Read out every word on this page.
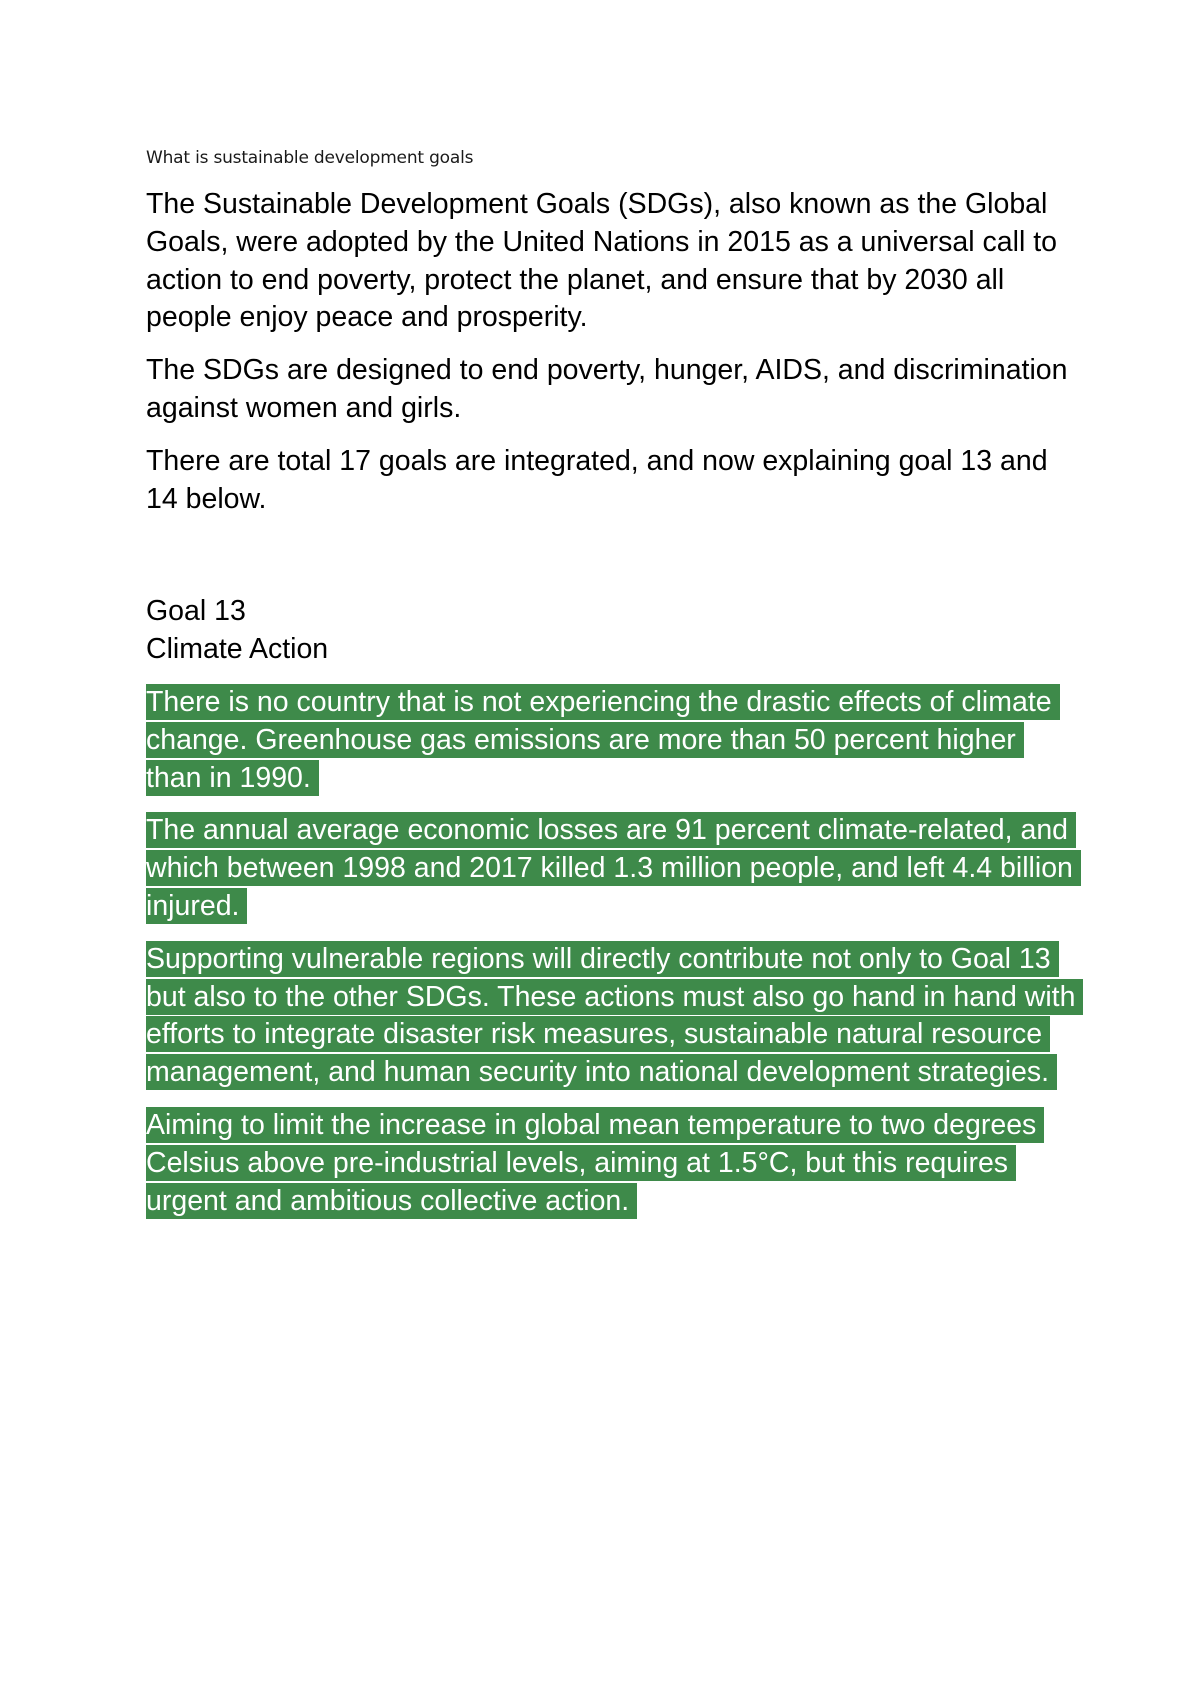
What is sustainable development goals

The Sustainable Development Goals (SDGs), also known as the Global Goals, were adopted by the United Nations in 2015 as a universal call to action to end poverty, protect the planet, and ensure that by 2030 all people enjoy peace and prosperity.

The SDGs are designed to end poverty, hunger, AIDS, and discrimination against women and girls.

There are total 17 goals are integrated, and now explaining goal 13 and 14 below.

Goal 13
Climate Action

There is no country that is not experiencing the drastic effects of climate change. Greenhouse gas emissions are more than 50 percent higher than in 1990.

The annual average economic losses are 91 percent climate-related, and which between 1998 and 2017 killed 1.3 million people, and left 4.4 billion injured.

Supporting vulnerable regions will directly contribute not only to Goal 13 but also to the other SDGs. These actions must also go hand in hand with efforts to integrate disaster risk measures, sustainable natural resource management, and human security into national development strategies.

Aiming to limit the increase in global mean temperature to two degrees Celsius above pre-industrial levels, aiming at 1.5°C, but this requires urgent and ambitious collective action.
